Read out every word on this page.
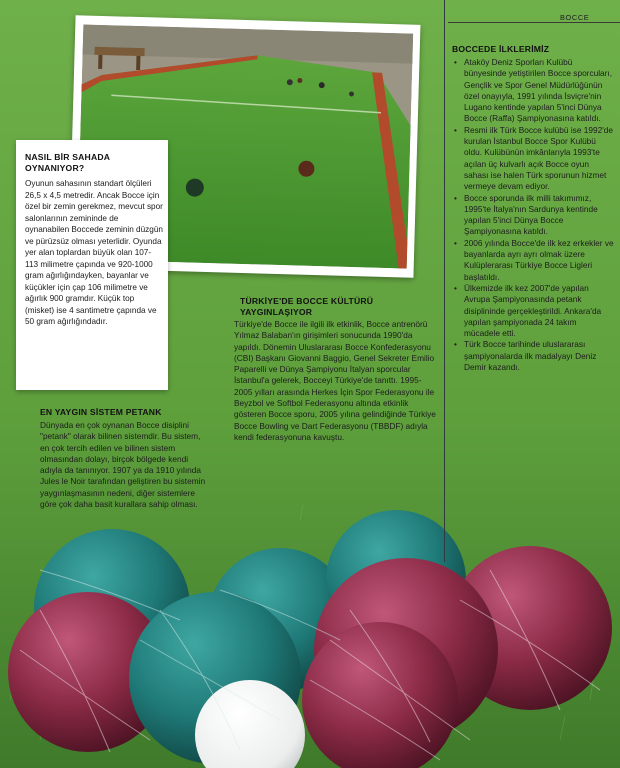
BOCCE
NASIL BİR SAHADA OYNANIYOR?
Oyunun sahasının standart ölçüleri 26,5 x 4,5 metredir. Ancak Bocce için özel bir zemin gerekmez, mevcut spor salonlarının zemininde de oynanabilen Boccede zeminin düzgün ve pürüzsüz olması yeterlidir. Oyunda yer alan toplardan büyük olan 107-113 milimetre çapında ve 920-1000 gram ağırlığındayken, bayanlar ve küçükler için çap 106 milimetre ve ağırlık 900 gramdır. Küçük top (misket) ise 4 santimetre çapında ve 50 gram ağırlığındadır.
TÜRKİYE'DE BOCCE KÜLTÜRÜ YAYGINLAŞIYOR
Türkiye'de Bocce ile ilgili ilk etkinlik, Bocce antrenörü Yılmaz Balaban'ın girişimleri sonucunda 1990'da yapıldı. Dönemin Uluslararası Bocce Konfederasyonu (CBI) Başkanı Giovanni Baggio, Genel Sekreter Emilio Paparelli ve Dünya Şampiyonu İtalyan sporcular İstanbul'a gelerek, Bocceyi Türkiye'de tanıttı. 1995-2005 yılları arasında Herkes İçin Spor Federasyonu ile Beyzbol ve Softbol Federasyonu altında etkinlik gösteren Bocce sporu, 2005 yılına gelindiğinde Türkiye Bocce Bowling ve Dart Federasyonu (TBBDF) adıyla kendi federasyonuna kavuştu.
EN YAYGIN SİSTEM PETANK
Dünyada en çok oynanan Bocce disiplini "petank" olarak bilinen sistemdir. Bu sistem, en çok tercih edilen ve bilinen sistem olmasından dolayı, birçok bölgede kendi adıyla da tanınıyor. 1907 ya da 1910 yılında Jules le Noir tarafından geliştiren bu sistemin yaygınlaşmasının nedeni, diğer sistemlere göre çok daha basit kurallara sahip olması.
BOCCEDE İLKLERİMİZ
• Ataköy Deniz Sporları Kulübü bünyesinde yetiştirilen Bocce sporcuları, Gençlik ve Spor Genel Müdürlüğünün özel onayıyla, 1991 yılında İsviçre'nin Lugano kentinde yapılan 5'inci Dünya Bocce (Raffa) Şampiyonasına katıldı.
• Resmi ilk Türk Bocce kulübü ise 1992'de kurulan İstanbul Bocce Spor Kulübü oldu. Kulübünün imkânlarıyla 1993'te açılan üç kulvarlı açık Bocce oyun sahası ise halen Türk sporunun hizmet vermeye devam ediyor.
• Bocce sporunda ilk milli takımımız, 1995'te İtalya'nın Sardunya kentinde yapılan 5'inci Dünya Bocce Şampiyonasına katıldı.
• 2006 yılında Bocce'de ilk kez erkekler ve bayanlarda ayrı ayrı olmak üzere Kulüplerarası Türkiye Bocce Ligleri başlatıldı.
• Ülkemizde ilk kez 2007'de yapılan Avrupa Şampiyonasında petank disiplininde gerçekleştirildi. Ankara'da yapılan şampiyonada 24 takım mücadele etti.
• Türk Bocce tarihinde uluslararası şampiyonalarda ilk madalyayı Deniz Demir kazandı.
